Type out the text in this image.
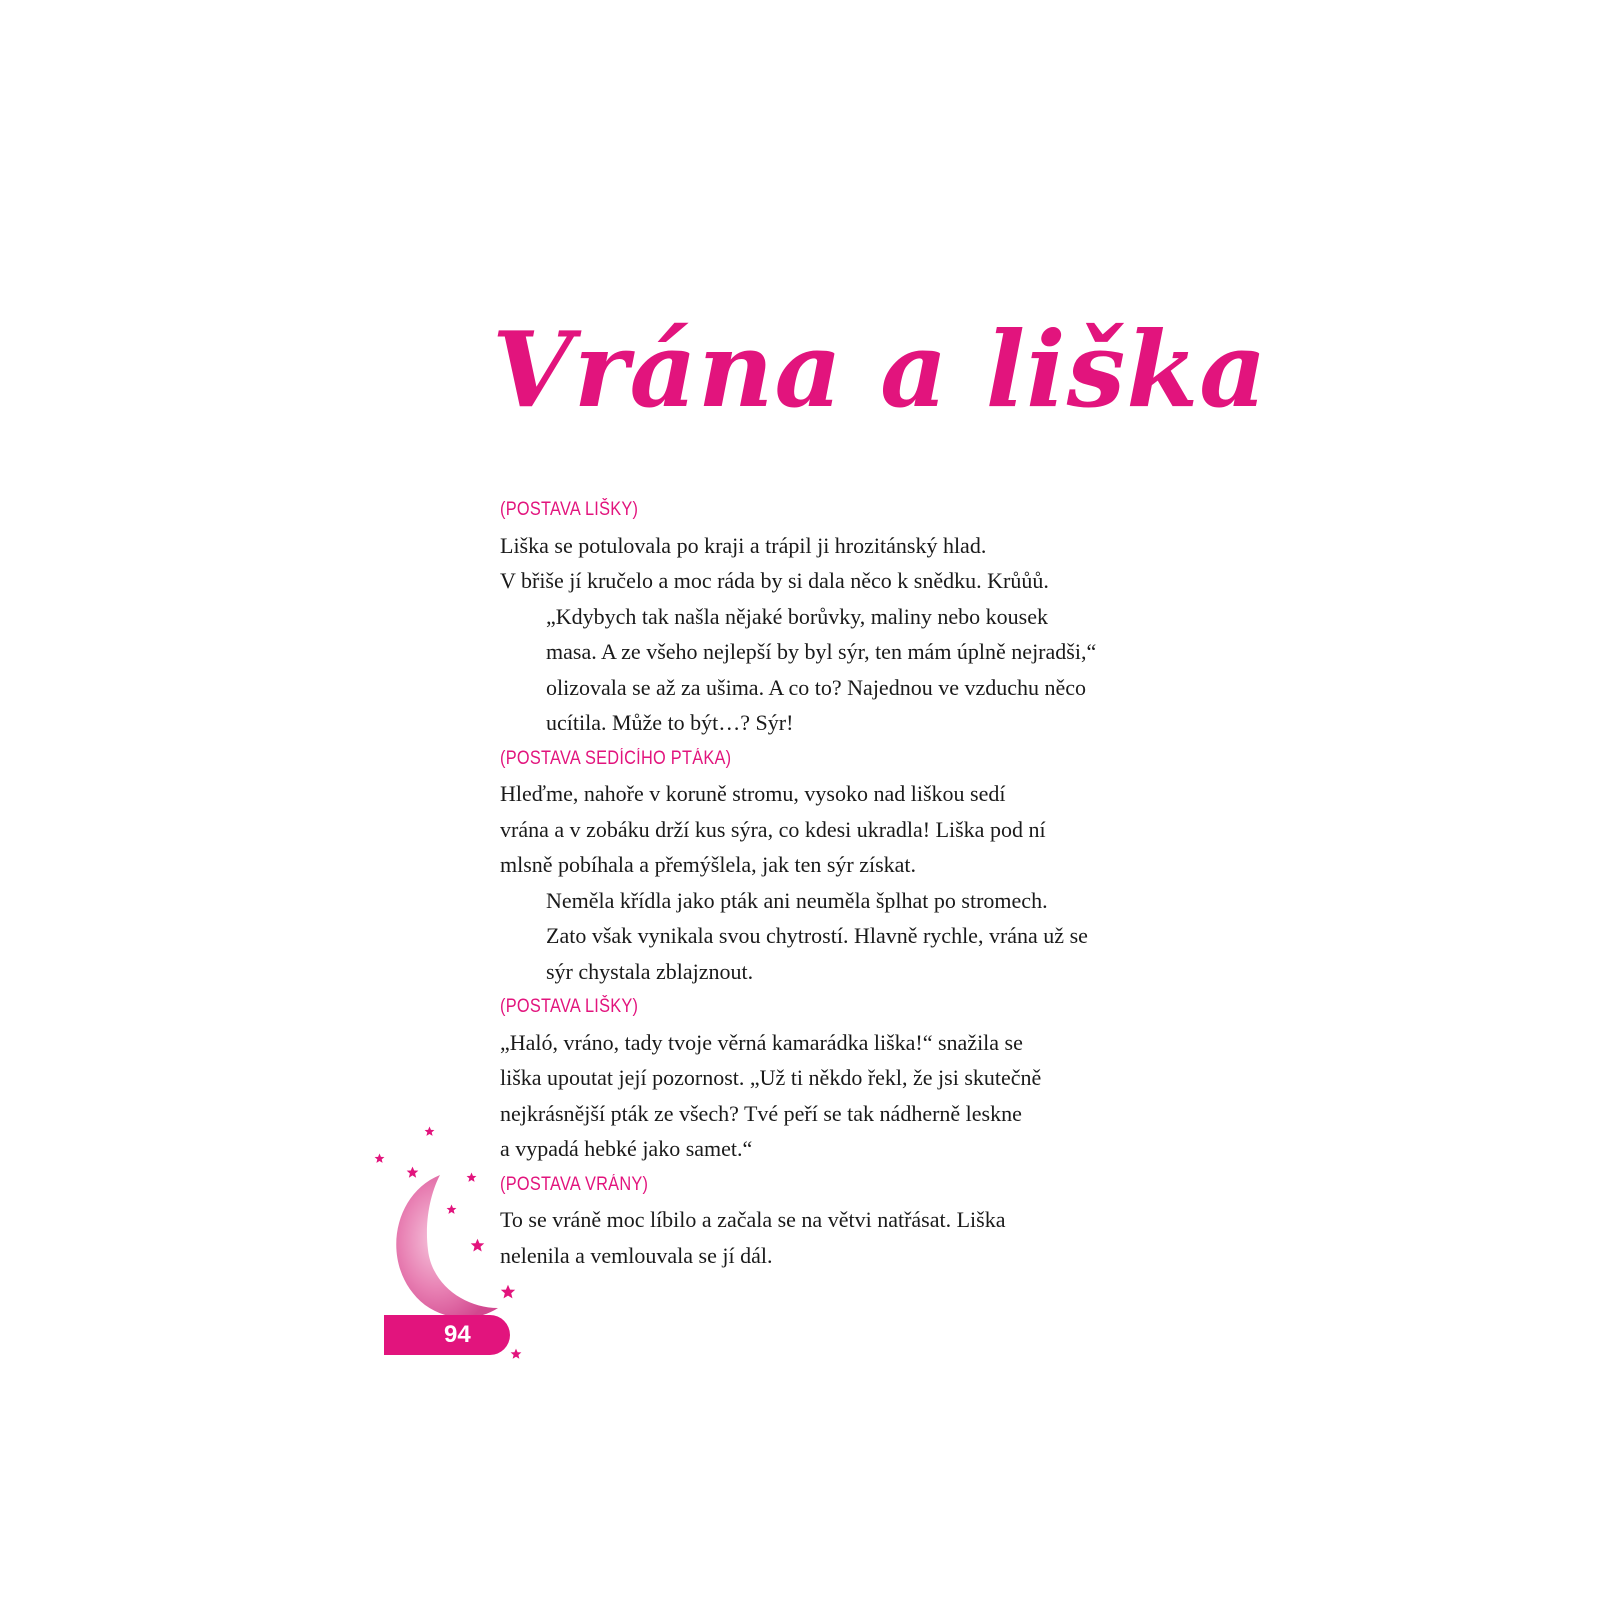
Vrána a liška
(POSTAVA LIŠKY)

Liška se potulovala po kraji a trápil ji hrozitánský hlad.
V břiše jí kručelo a moc ráda by si dala něco k snědku. Krůůů.

„Kdybych tak našla nějaké borůvky, maliny nebo kousek
masa. A ze všeho nejlepší by byl sýr, ten mám úplně nejradši,“
olizovala se až za ušima. A co to? Najednou ve vzduchu něco
ucítila. Může to být…? Sýr!

(POSTAVA SEDÍCÍHO PTÁKA)

Hleďme, nahoře v koruně stromu, vysoko nad liškou sedí
vrána a v zobáku drží kus sýra, co kdesi ukradla! Liška pod ní
mlsně pobíhala a přemýšlela, jak ten sýr získat.

Neměla křídla jako pták ani neuměla šplhat po stromech.
Zato však vynikala svou chytrostí. Hlavně rychle, vrána už se
sýr chystala zblajznout.

(POSTAVA LIŠKY)

„Haló, vráno, tady tvoje věrná kamarádka liška!“ snažila se
liška upoutat její pozornost. „Už ti někdo řekl, že jsi skutečně
nejkrásnější pták ze všech? Tvé peří se tak nádherně leskne
a vypadá hebké jako samet.“

(POSTAVA VRÁNY)

To se vráně moc líbilo a začala se na větvi natřásat. Liška
nelenila a vemlouvala se jí dál.

94
